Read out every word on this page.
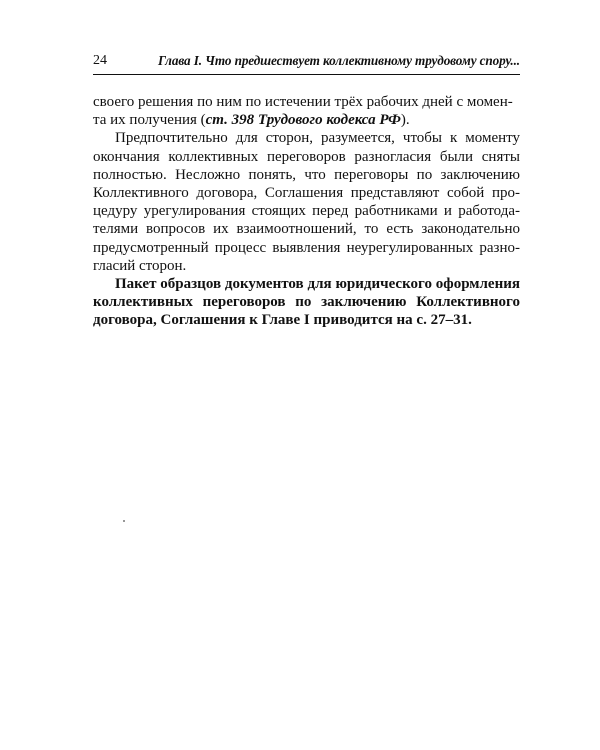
24	Глава I. Что предшествует коллективному трудовому спору...

своего решения по ним по истечении трёх рабочих дней с момен-
та их получения (ст. 398 Трудового кодекса РФ).

Предпочтительно для сторон, разумеется, чтобы к моменту окончания коллективных переговоров разногласия были сняты полностью. Несложно понять, что переговоры по заключению Коллективного договора, Соглашения представляют собой процедуру урегулирования стоящих перед работниками и работодателями вопросов их взаимоотношений, то есть законодательно предусмотренный процесс выявления неурегулированных разногласий сторон.

Пакет образцов документов для юридического оформления коллективных переговоров по заключению Коллективного договора, Соглашения к Главе I приводится на с. 27–31.
